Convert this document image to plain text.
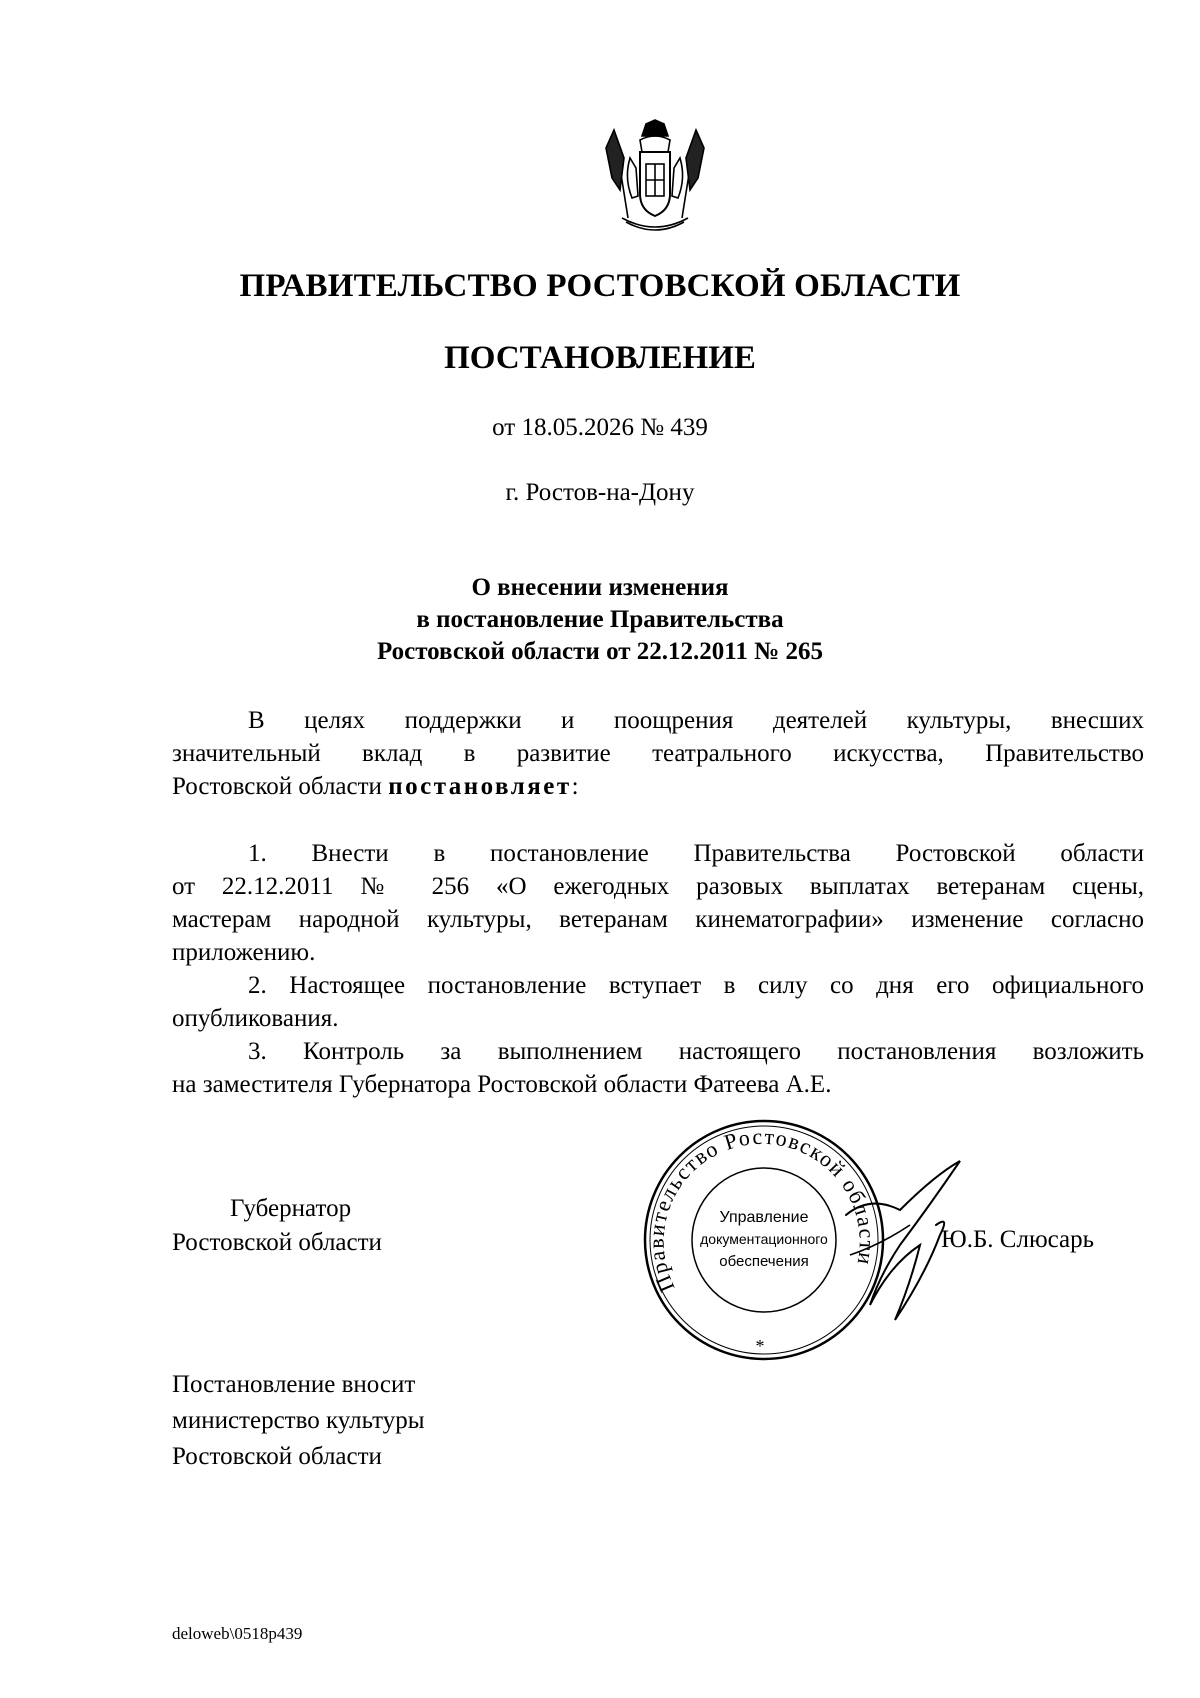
ПРАВИТЕЛЬСТВО РОСТОВСКОЙ ОБЛАСТИ
ПОСТАНОВЛЕНИЕ
от 18.05.2026 № 439
г. Ростов-на-Дону
О внесении изменения
в постановление Правительства
Ростовской области от 22.12.2011 № 265
В целях поддержки и поощрения деятелей культуры, внесших
значительный вклад в развитие театрального искусства, Правительство
Ростовской области постановляет:
1. Внести в постановление Правительства Ростовской области
от 22.12.2011 № 256 «О ежегодных разовых выплатах ветеранам сцены,
мастерам народной культуры, ветеранам кинематографии» изменение согласно
приложению.
2. Настоящее постановление вступает в силу со дня его официального
опубликования.
3. Контроль за выполнением настоящего постановления возложить
на заместителя Губернатора Ростовской области Фатеева А.Е.
Губернатор
Ростовской области
Правительство Ростовской области
Управление
документационного
обеспечения
*
Ю.Б. Слюсарь
Постановление вносит
министерство культуры
Ростовской области
deloweb\0518p439
